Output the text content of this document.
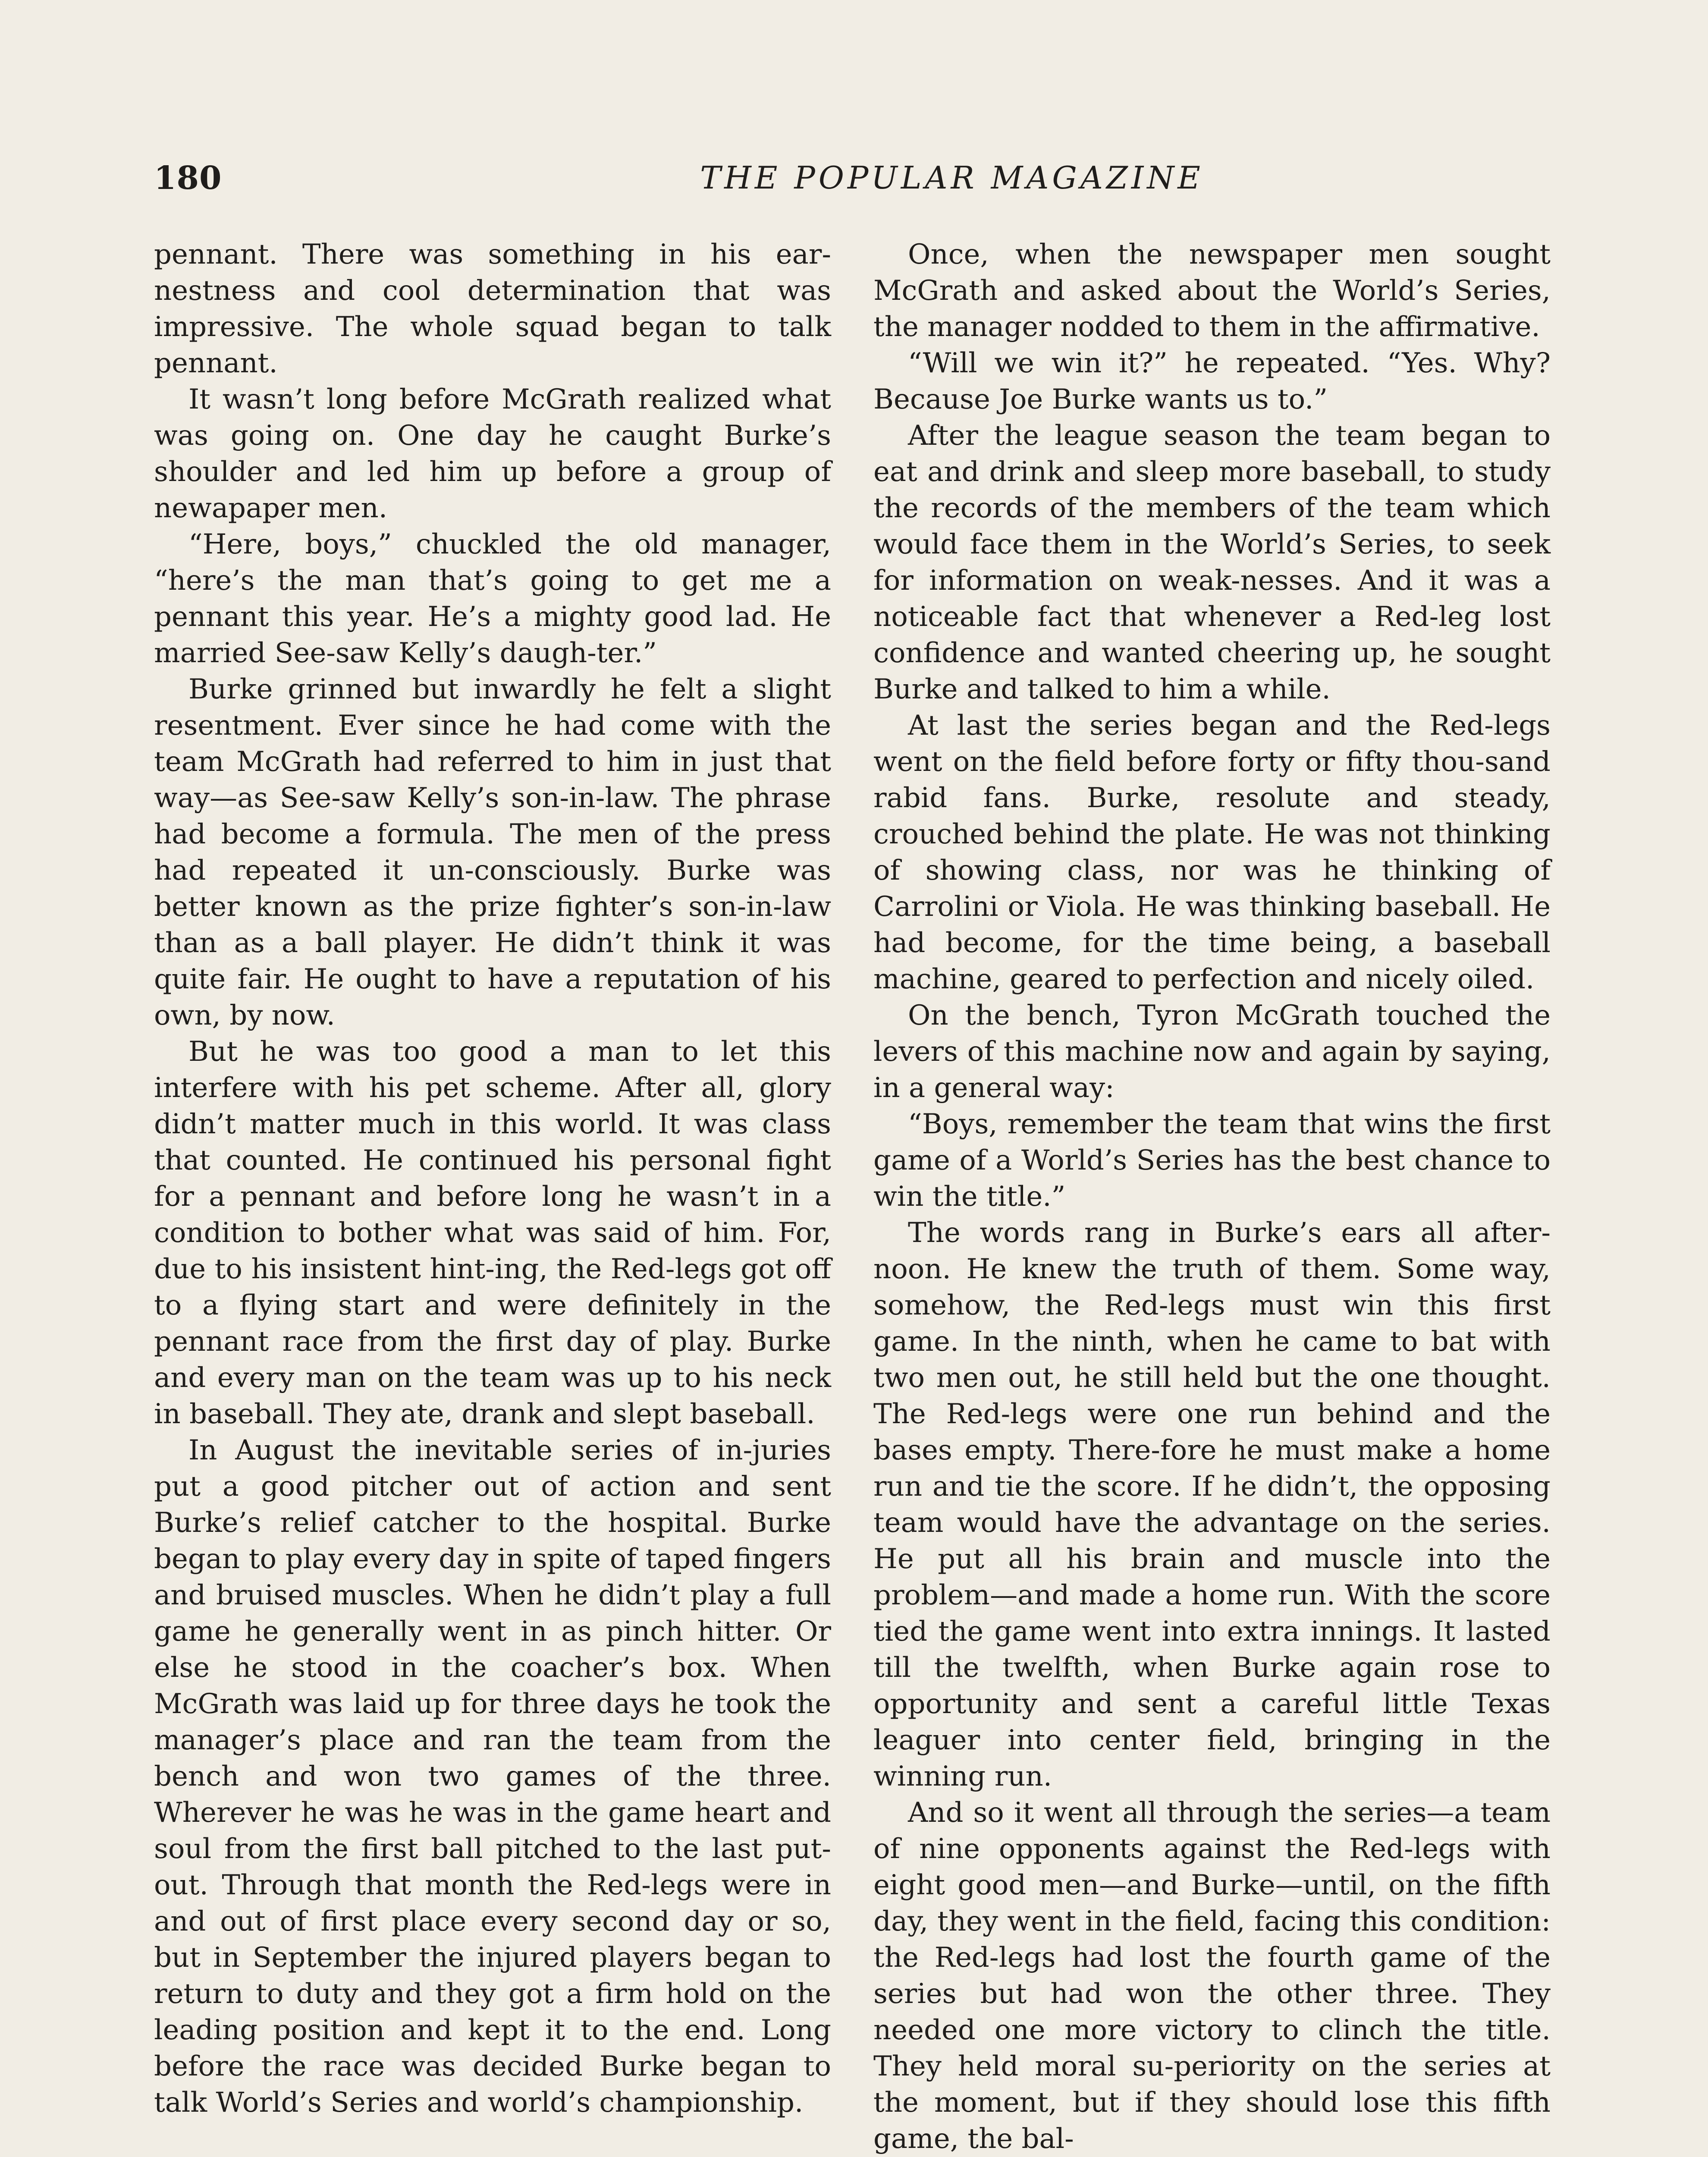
180	THE POPULAR MAGAZINE

pennant. There was something in his ear-nestness and cool determination that was impressive. The whole squad began to talk pennant.

It wasn’t long before McGrath realized what was going on. One day he caught Burke’s shoulder and led him up before a group of newapaper men.

“Here, boys,” chuckled the old manager, “here’s the man that’s going to get me a pennant this year. He’s a mighty good lad. He married See-saw Kelly’s daugh-ter.”

Burke grinned but inwardly he felt a slight resentment. Ever since he had come with the team McGrath had referred to him in just that way—as See-saw Kelly’s son-in-law. The phrase had become a formula. The men of the press had repeated it un-consciously. Burke was better known as the prize fighter’s son-in-law than as a ball player. He didn’t think it was quite fair. He ought to have a reputation of his own, by now.

But he was too good a man to let this interfere with his pet scheme. After all, glory didn’t matter much in this world. It was class that counted. He continued his personal fight for a pennant and before long he wasn’t in a condition to bother what was said of him. For, due to his insistent hint-ing, the Red-legs got off to a flying start and were definitely in the pennant race from the first day of play. Burke and every man on the team was up to his neck in baseball. They ate, drank and slept baseball.

In August the inevitable series of in-juries put a good pitcher out of action and sent Burke’s relief catcher to the hospital. Burke began to play every day in spite of taped fingers and bruised muscles. When he didn’t play a full game he generally went in as pinch hitter. Or else he stood in the coacher’s box. When McGrath was laid up for three days he took the manager’s place and ran the team from the bench and won two games of the three. Wherever he was he was in the game heart and soul from the first ball pitched to the last put-out. Through that month the Red-legs were in and out of first place every second day or so, but in September the injured players began to return to duty and they got a firm hold on the leading position and kept it to the end. Long before the race was decided Burke began to talk World’s Series and world’s championship.

Once, when the newspaper men sought McGrath and asked about the World’s Series, the manager nodded to them in the affirmative.

“Will we win it?” he repeated. “Yes. Why? Because Joe Burke wants us to.”

After the league season the team began to eat and drink and sleep more baseball, to study the records of the members of the team which would face them in the World’s Series, to seek for information on weak-nesses. And it was a noticeable fact that whenever a Red-leg lost confidence and wanted cheering up, he sought Burke and talked to him a while.

At last the series began and the Red-legs went on the field before forty or fifty thou-sand rabid fans. Burke, resolute and steady, crouched behind the plate. He was not thinking of showing class, nor was he thinking of Carrolini or Viola. He was thinking baseball. He had become, for the time being, a baseball machine, geared to perfection and nicely oiled.

On the bench, Tyron McGrath touched the levers of this machine now and again by saying, in a general way:

“Boys, remember the team that wins the first game of a World’s Series has the best chance to win the title.”

The words rang in Burke’s ears all after-noon. He knew the truth of them. Some way, somehow, the Red-legs must win this first game. In the ninth, when he came to bat with two men out, he still held but the one thought. The Red-legs were one run behind and the bases empty. There-fore he must make a home run and tie the score. If he didn’t, the opposing team would have the advantage on the series. He put all his brain and muscle into the problem—and made a home run. With the score tied the game went into extra innings. It lasted till the twelfth, when Burke again rose to opportunity and sent a careful little Texas leaguer into center field, bringing in the winning run.

And so it went all through the series—a team of nine opponents against the Red-legs with eight good men—and Burke—until, on the fifth day, they went in the field, facing this condition: the Red-legs had lost the fourth game of the series but had won the other three. They needed one more victory to clinch the title. They held moral su-periority on the series at the moment, but if they should lose this fifth game, the bal-
